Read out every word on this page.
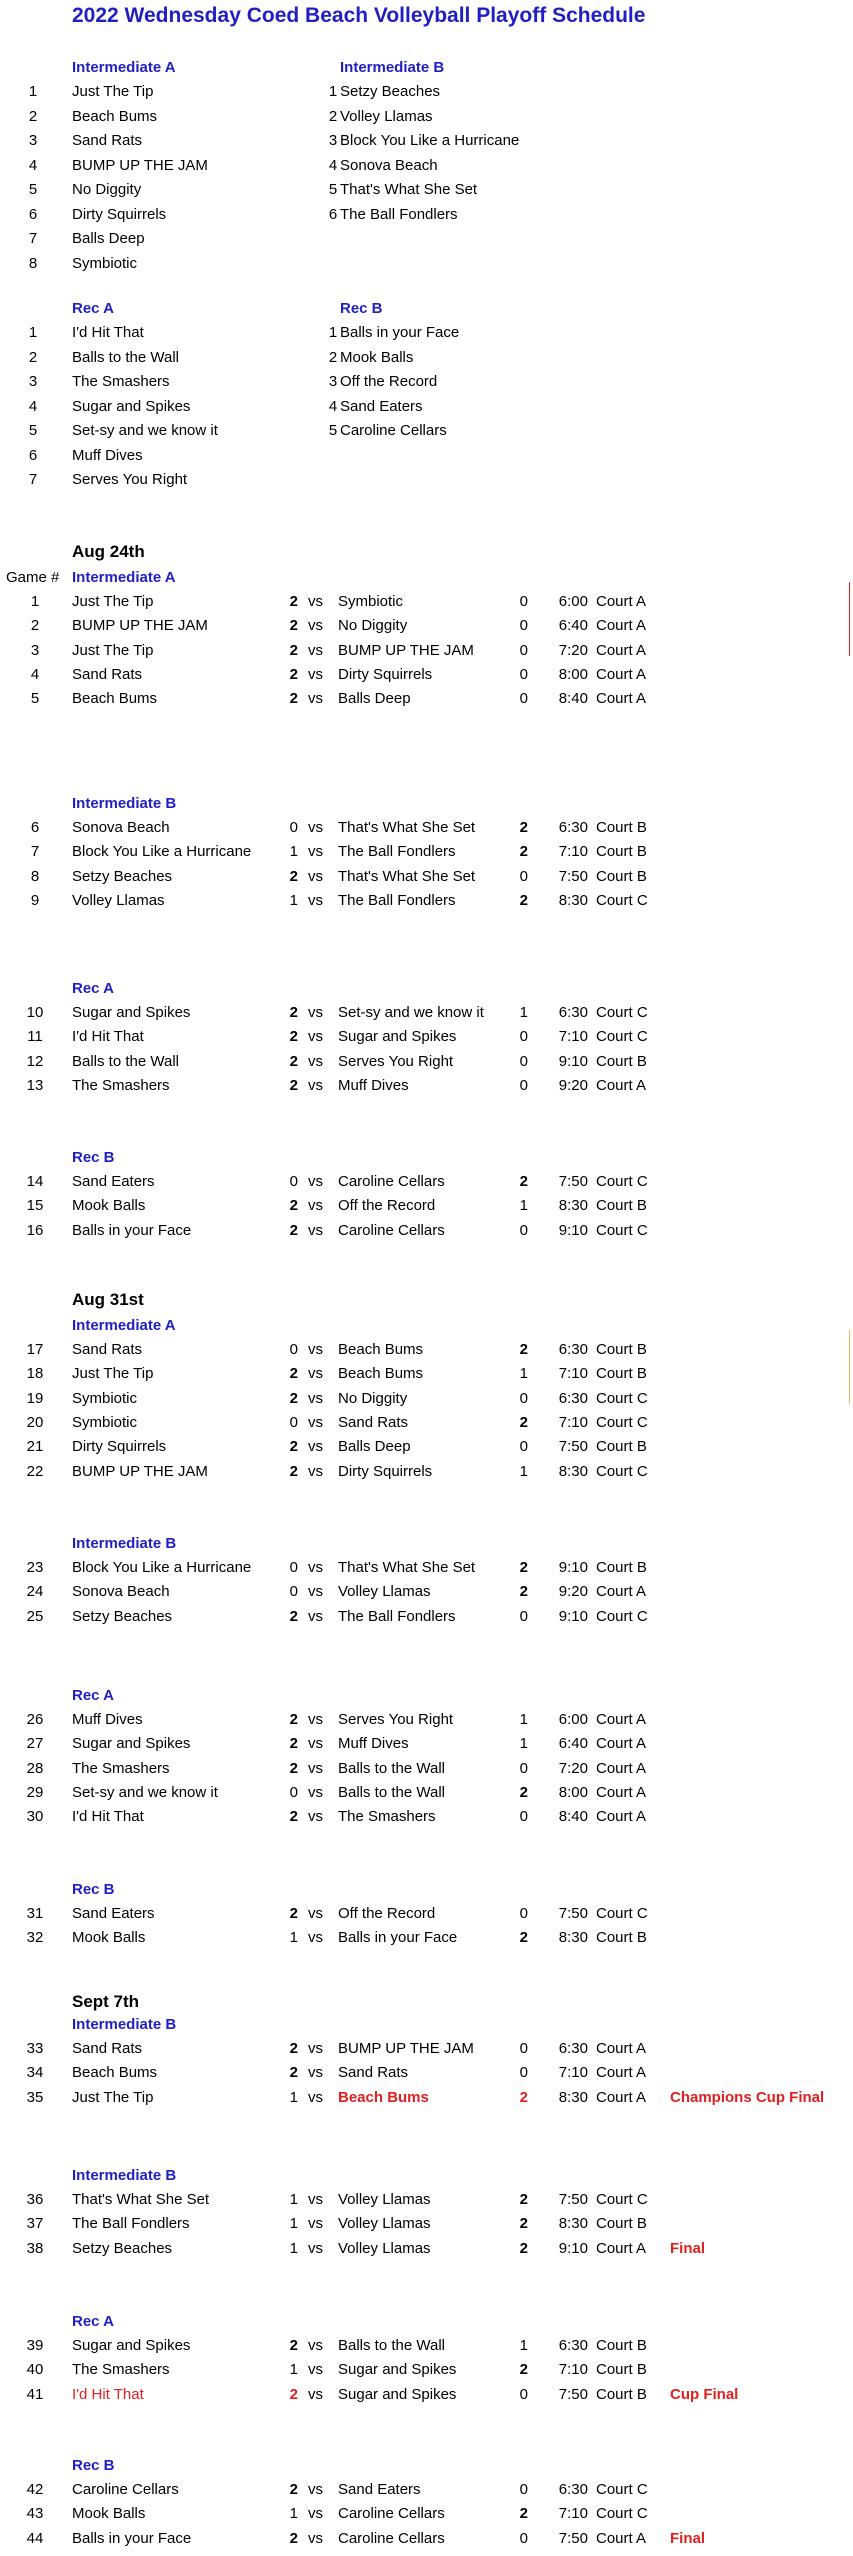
2022 Wednesday Coed Beach Volleyball Playoff Schedule
Intermediate A
1	Just The Tip
2	Beach Bums
3	Sand Rats
4	BUMP UP THE JAM
5	No Diggity
6	Dirty Squirrels
7	Balls Deep
8	Symbiotic
Intermediate B
1 Setzy Beaches
2 Volley Llamas
3 Block You Like a Hurricane
4 Sonova Beach
5 That's What She Set
6 The Ball Fondlers
Rec A
1	I'd Hit That
2	Balls to the Wall
3	The Smashers
4	Sugar and Spikes
5	Set-sy and we know it
6	Muff Dives
7	Serves You Right
Rec B
1 Balls in your Face
2 Mook Balls
3 Off the Record
4 Sand Eaters
5 Caroline Cellars
Aug 24th
Game # Intermediate A
1	Just The Tip	2 vs Symbiotic	0	6:00 Court A
2	BUMP UP THE JAM	2 vs No Diggity	0	6:40 Court A
3	Just The Tip	2 vs BUMP UP THE JAM	0	7:20 Court A
4	Sand Rats	2 vs Dirty Squirrels	0	8:00 Court A
5	Beach Bums	2 vs Balls Deep	0	8:40 Court A
Intermediate B
6	Sonova Beach	0 vs That's What She Set	2	6:30 Court B
7	Block You Like a Hurricane	1 vs The Ball Fondlers	2	7:10 Court B
8	Setzy Beaches	2 vs That's What She Set	0	7:50 Court B
9	Volley Llamas	1 vs The Ball Fondlers	2	8:30 Court C
Rec A
10	Sugar and Spikes	2 vs Set-sy and we know it	1	6:30 Court C
11	I'd Hit That	2 vs Sugar and Spikes	0	7:10 Court C
12	Balls to the Wall	2 vs Serves You Right	0	9:10 Court B
13	The Smashers	2 vs Muff Dives	0	9:20 Court A
Rec B
14	Sand Eaters	0 vs Caroline Cellars	2	7:50 Court C
15	Mook Balls	2 vs Off the Record	1	8:30 Court B
16	Balls in your Face	2 vs Caroline Cellars	0	9:10 Court C
Aug 31st
Intermediate A
17	Sand Rats	0 vs Beach Bums	2	6:30 Court B
18	Just The Tip	2 vs Beach Bums	1	7:10 Court B
19	Symbiotic	2 vs No Diggity	0	6:30 Court C
20	Symbiotic	0 vs Sand Rats	2	7:10 Court C
21	Dirty Squirrels	2 vs Balls Deep	0	7:50 Court B
22	BUMP UP THE JAM	2 vs Dirty Squirrels	1	8:30 Court C
Intermediate B
23	Block You Like a Hurricane	0 vs That's What She Set	2	9:10 Court B
24	Sonova Beach	0 vs Volley Llamas	2	9:20 Court A
25	Setzy Beaches	2 vs The Ball Fondlers	0	9:10 Court C
Rec A
26	Muff Dives	2 vs Serves You Right	1	6:00 Court A
27	Sugar and Spikes	2 vs Muff Dives	1	6:40 Court A
28	The Smashers	2 vs Balls to the Wall	0	7:20 Court A
29	Set-sy and we know it	0 vs Balls to the Wall	2	8:00 Court A
30	I'd Hit That	2 vs The Smashers	0	8:40 Court A
Rec B
31	Sand Eaters	2 vs Off the Record	0	7:50 Court C
32	Mook Balls	1 vs Balls in your Face	2	8:30 Court B
Sept 7th
Intermediate B
33	Sand Rats	2 vs BUMP UP THE JAM	0	6:30 Court A
34	Beach Bums	2 vs Sand Rats	0	7:10 Court A
35	Just The Tip	1 vs Beach Bums	2	8:30 Court A Champions Cup Final
Intermediate B
36	That's What She Set	1 vs Volley Llamas	2	7:50 Court C
37	The Ball Fondlers	1 vs Volley Llamas	2	8:30 Court B
38	Setzy Beaches	1 vs Volley Llamas	2	9:10 Court A Final
Rec A
39	Sugar and Spikes	2 vs Balls to the Wall	1	6:30 Court B
40	The Smashers	1 vs Sugar and Spikes	2	7:10 Court B
41	I'd Hit That	2 vs Sugar and Spikes	0	7:50 Court B Cup Final
Rec B
42	Caroline Cellars	2 vs Sand Eaters	0	6:30 Court C
43	Mook Balls	1 vs Caroline Cellars	2	7:10 Court C
44	Balls in your Face	2 vs Caroline Cellars	0	7:50 Court A Final
